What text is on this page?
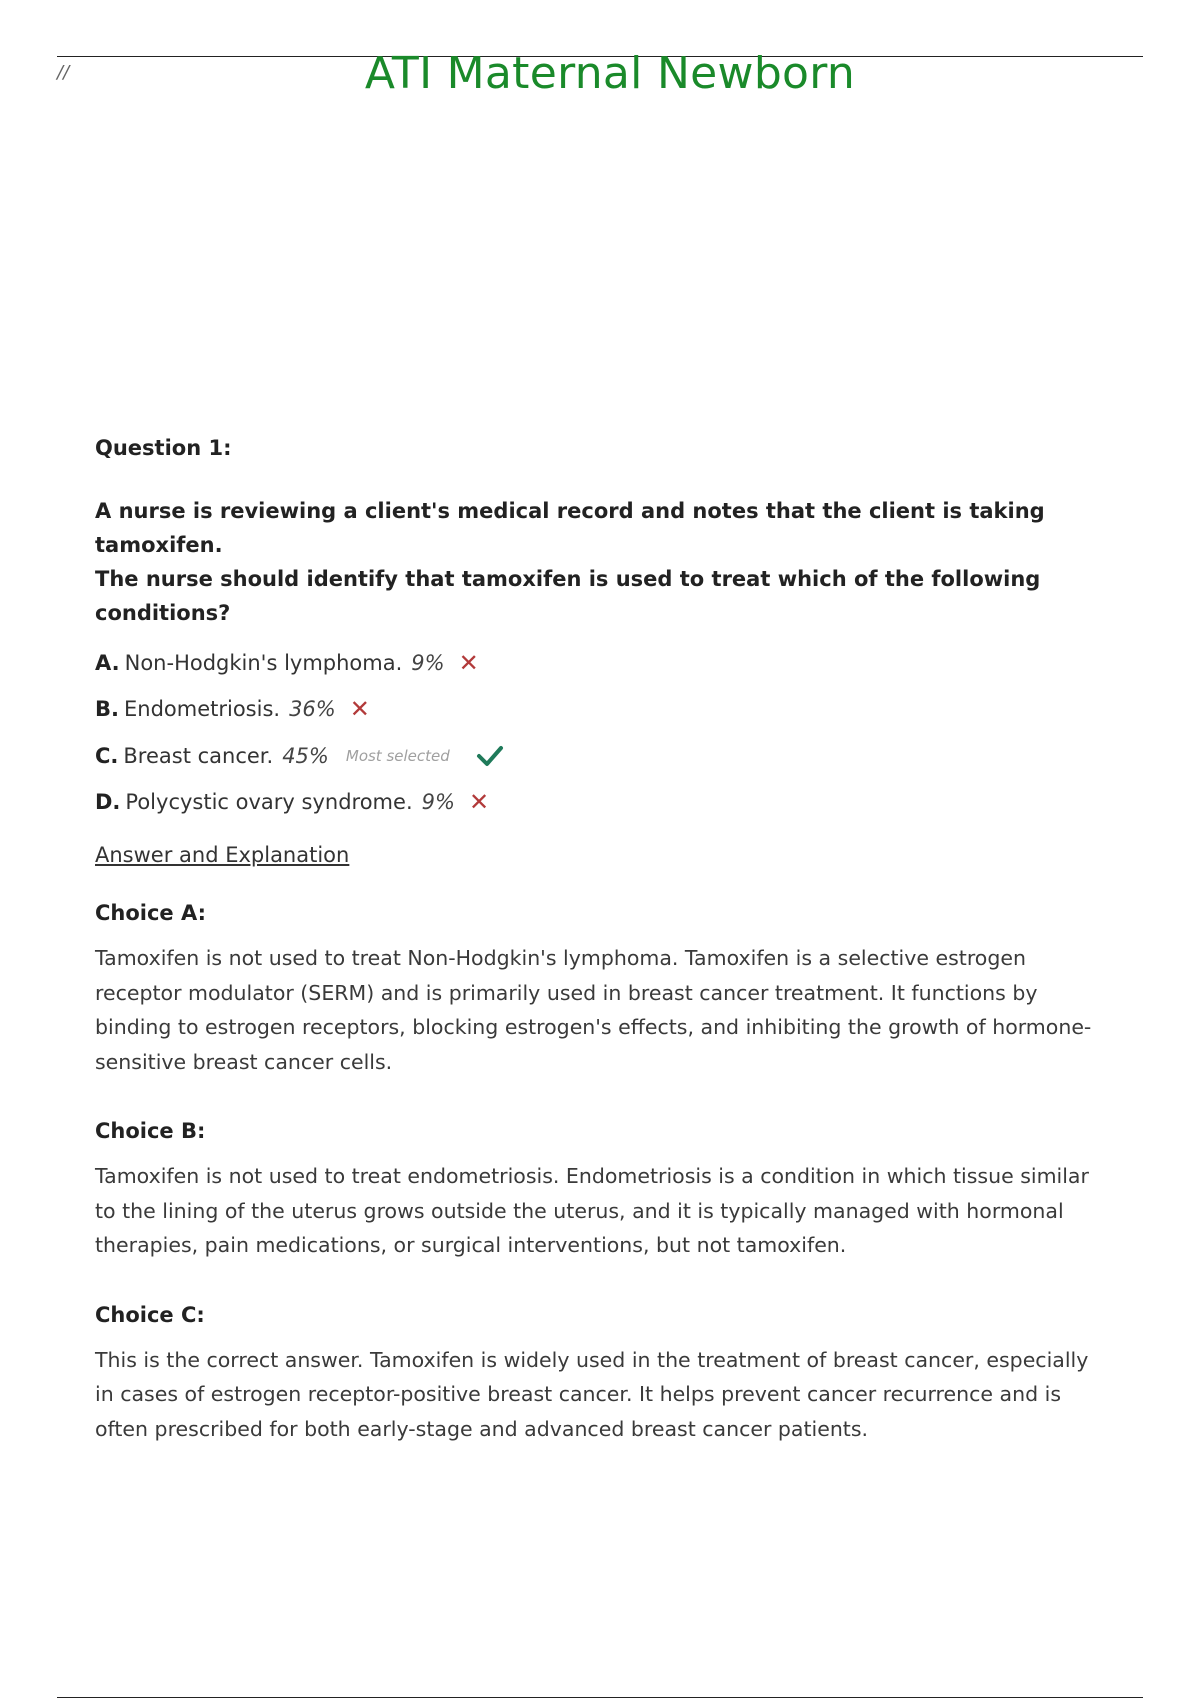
//	ATI Maternal Newborn

Question 1:

A nurse is reviewing a client's medical record and notes that the client is taking tamoxifen.

The nurse should identify that tamoxifen is used to treat which of the following conditions?

A. Non-Hodgkin's lymphoma. 9% ✕
B. Endometriosis. 36% ✕
C. Breast cancer. 45% Most selected
D. Polycystic ovary syndrome. 9% ✕
Answer and Explanation

Choice A:

Tamoxifen is not used to treat Non-Hodgkin's lymphoma. Tamoxifen is a selective estrogen receptor modulator (SERM) and is primarily used in breast cancer treatment. It functions by binding to estrogen receptors, blocking estrogen's effects, and inhibiting the growth of hormone-sensitive breast cancer cells.

Choice B:

Tamoxifen is not used to treat endometriosis. Endometriosis is a condition in which tissue similar to the lining of the uterus grows outside the uterus, and it is typically managed with hormonal therapies, pain medications, or surgical interventions, but not tamoxifen.

Choice C:

This is the correct answer. Tamoxifen is widely used in the treatment of breast cancer, especially in cases of estrogen receptor-positive breast cancer. It helps prevent cancer recurrence and is often prescribed for both early-stage and advanced breast cancer patients.
